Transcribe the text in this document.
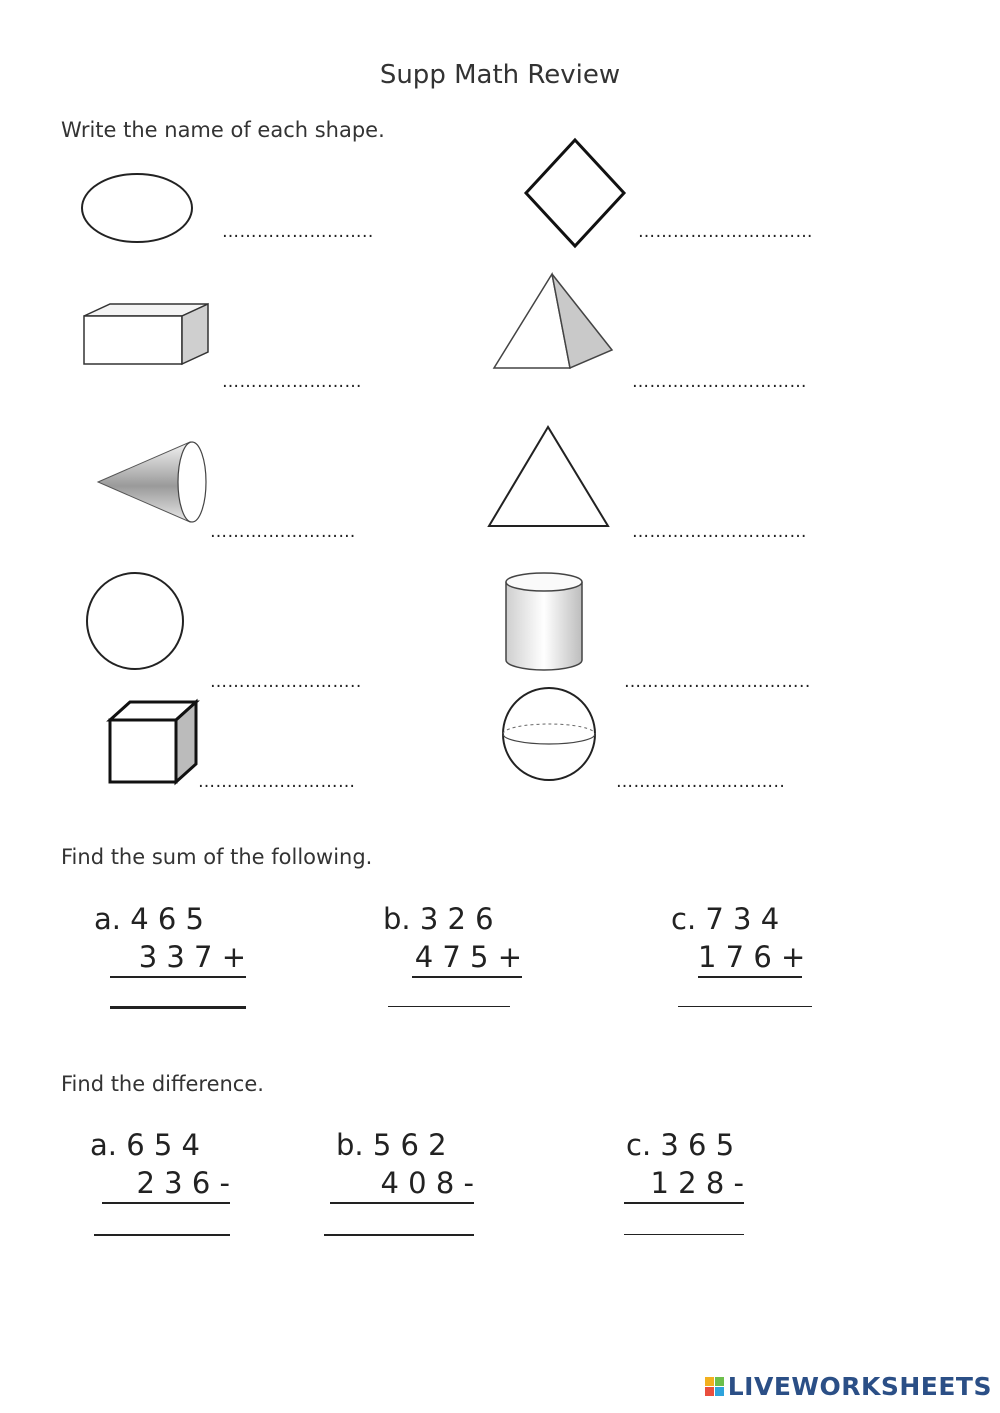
Supp Math Review
Write the name of each shape.
……………………..	…………………………
……………………	…………………………
……….……………	…………………………
……………………..	…………………………..
………………………	………………………..
Find the sum of the following.
a. 4 6 5
3 3 7 +
b. 3 2 6
4 7 5 +
c. 7 3 4
1 7 6 +
Find the difference.
a. 6 5 4
2 3 6 -
b. 5 6 2
4 0 8 -
c. 3 6 5
1 2 8 -
LIVEWORKSHEETS
